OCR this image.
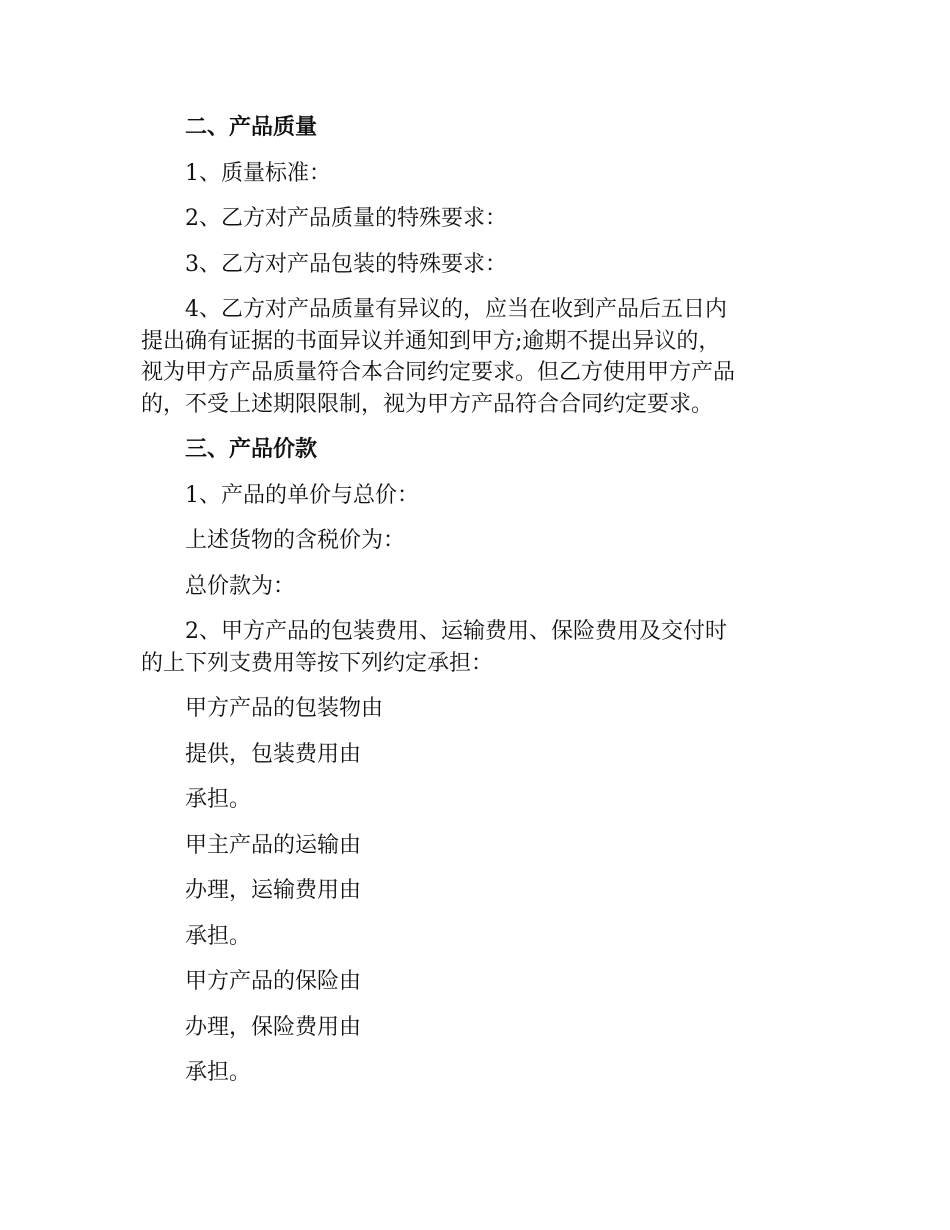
二、产品质量

1、质量标准：

2、乙方对产品质量的特殊要求：

3、乙方对产品包装的特殊要求：

4、乙方对产品质量有异议的，应当在收到产品后五日内

提出确有证据的书面异议并通知到甲方;逾期不提出异议的，

视为甲方产品质量符合本合同约定要求。但乙方使用甲方产品

的，不受上述期限限制，视为甲方产品符合合同约定要求。

三、产品价款

1、产品的单价与总价：

上述货物的含税价为：

总价款为：

2、甲方产品的包装费用、运输费用、保险费用及交付时

的上下列支费用等按下列约定承担：

甲方产品的包装物由

提供，包装费用由

承担。

甲主产品的运输由

办理，运输费用由

承担。

甲方产品的保险由

办理，保险费用由

承担。
